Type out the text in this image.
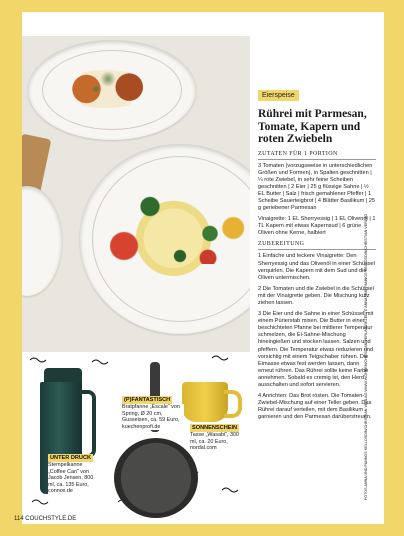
Eierspeise
Rührei mit Parmesan, Tomate, Kapern und roten Zwiebeln
ZUTATEN FÜR 1 PORTION

3 Tomaten (vorzugsweise in unterschiedlichen Größen und Formen), in Spalten geschnitten | ¼ rote Zwiebel, in sehr feine Scheiben geschnitten | 2 Eier | 25 g flüssige Sahne | ½ EL Butter | Salz | frisch gemahlener Pfeffer | 1 Scheibe Sauerteigbrot | 4 Blätter Basilikum | 25 g geriebener Parmesan

Vinaigrette: 1 EL Sherryessig | 1 EL Olivenöl | 1 TL Kapern mit etwas Kapernsud | 6 grüne Oliven ohne Kerne, halbiert

ZUBEREITUNG

1 Einfache und leckere Vinaigrette: Den Sherryessig und das Olivenöl in einer Schüssel verquirlen. Die Kapern mit dem Sud und die Oliven untermischen.

2 Die Tomaten und die Zwiebel in die Schüssel mit der Vinaigrette geben. Die Mischung kurz ziehen lassen.

3 Die Eier und die Sahne in einer Schüssel mit einem Pürierstab mixen. Die Butter in einer beschichteten Pfanne bei mittlerer Temperatur schmelzen, die Ei-Sahne-Mischung hineingießen und stocken lassen. Salzen und pfeffern. Die Temperatur etwas reduzieren und vorsichtig mit einem Teigschaber rühren. Die Eimasse etwas fest werden lassen, dann erneut rühren. Das Rührei sollte keine Farbe annehmen. Sobald es cremig ist, den Herd ausschalten und sofort servieren.

4 Anrichten: Das Brot rösten. Die Tomaten-Zwiebel-Mischung auf einer Teller geben. Das Rührei darauf verteilen, mit dem Basilikum garnieren und den Parmesan darüberstreuen.

UNTER DRUCK
Stempelkanne „Coffee Can“ von Jacob Jensen, 800 ml, ca. 135 Euro, connox.de
(P)FANTASTISCH
Bratpfanne „Escale“ von Spring, Ø 20 cm, Gusseisen, ca. 59 Euro, kuechenprofi.de	SONNENSCHEIN
Tasse „Wasabi“, 300 ml, ca. 20 Euro, nordal.com
114 COUCHSTYLE.DE
FOTOS ANNA UND PANNOS KELLOSDIN/CHRISTIAN VERLAG WWW.WOHNEN/CHRISTIAN VERLAG REZEPTE ANNA UND PANNOS KELLOSDIN/CHRISTIAN VERLAG
